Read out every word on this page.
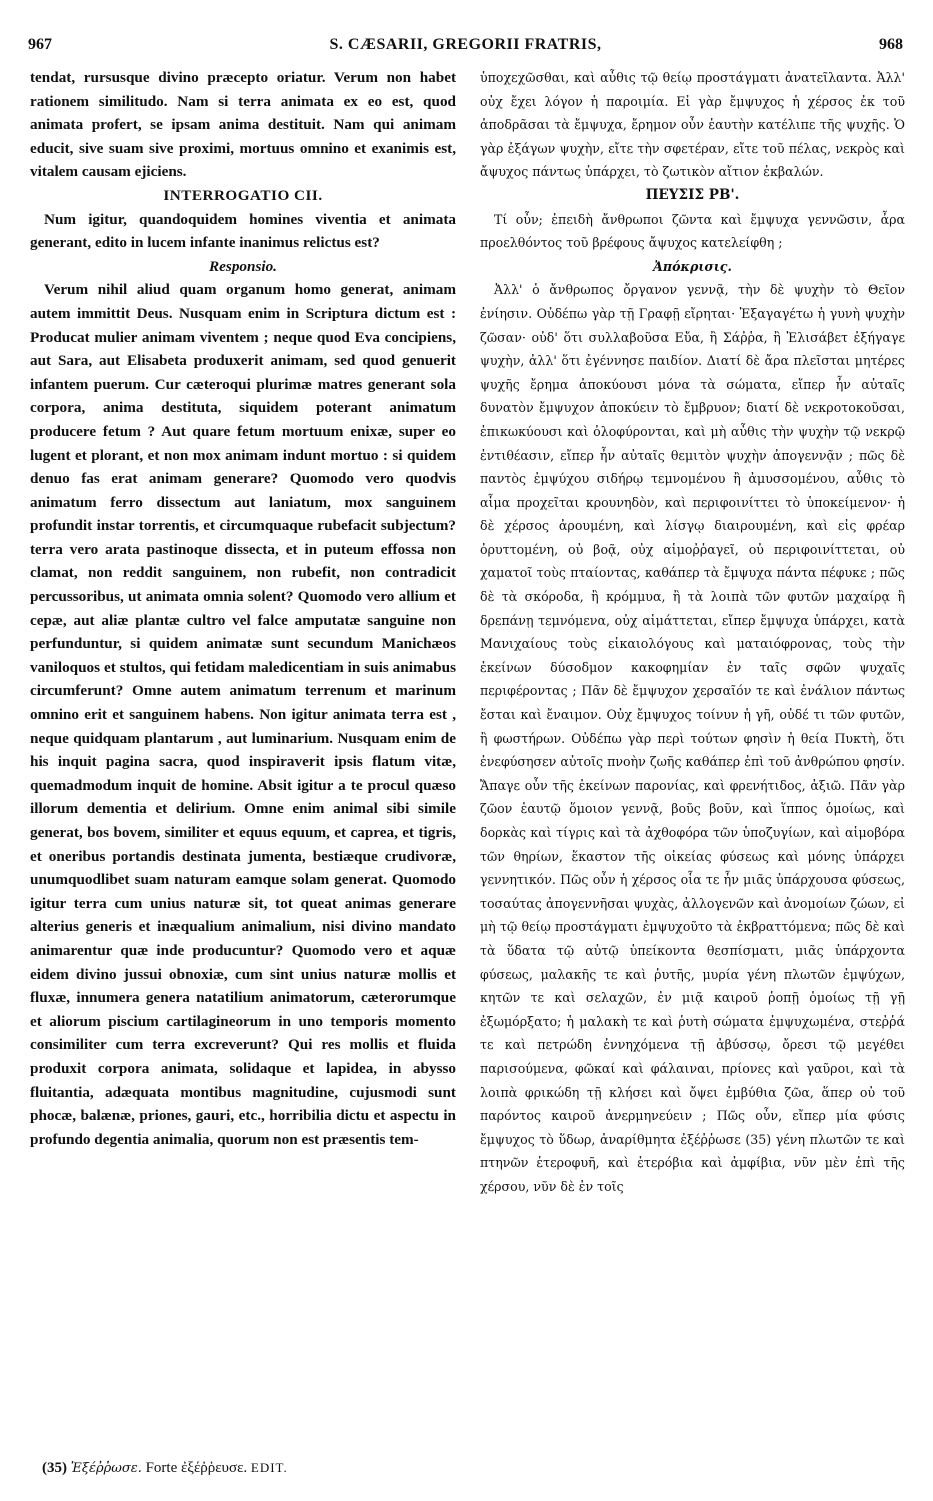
967	S. CÆSARII, GREGORII FRATRIS,	968

tendat, rursusque divino præcepto oriatur. Verum non habet rationem similitudo. Nam si terra animata ex eo est, quod animata profert, se ipsam anima destituit. Nam qui animam educit, sive suam sive proximi, mortuus omnino et exanimis est, vitalem causam ejiciens.

INTERROGATIO CII.

Num igitur, quandoquidem homines viventia et animata generant, edito in lucem infante inanimus relictus est?

Responsio.

Verum nihil aliud quam organum homo generat, animam autem immittit Deus. Nusquam enim in Scriptura dictum est : Producat mulier animam viventem ; neque quod Eva concipiens, aut Sara, aut Elisabeta produxerit animam, sed quod genuerit infantem puerum. Cur cæteroqui plurimæ matres generant sola corpora, anima destituta, siquidem poterant animatum producere fetum ? Aut quare fetum mortuum enixæ, super eo lugent et plorant, et non mox animam indunt mortuo : si quidem denuo fas erat animam generare? Quomodo vero quodvis animatum ferro dissectum aut laniatum, mox sanguinem profundit instar torrentis, et circumquaque rubefacit subjectum? terra vero arata pastinoque dissecta, et in puteum effossa non clamat, non reddit sanguinem, non rubefit, non contradicit percussoribus, ut animata omnia solent? Quomodo vero allium et cepæ, aut aliæ plantæ cultro vel falce amputatæ sanguine non perfunduntur, si quidem animatæ sunt secundum Manichæos vaniloquos et stultos, qui fetidam maledicentiam in suis animabus circumferunt? Omne autem animatum terrenum et marinum omnino erit et sanguinem habens. Non igitur animata terra est , neque quidquam plantarum , aut luminarium. Nusquam enim de his inquit pagina sacra, quod inspiraverit ipsis flatum vitæ, quemadmodum inquit de homine. Absit igitur a te procul quæso illorum dementia et delirium. Omne enim animal sibi simile generat, bos bovem, similiter et equus equum, et caprea, et tigris, et oneribus portandis destinata jumenta, bestiæque crudivoræ, unumquodlibet suam naturam eamque solam generat. Quomodo igitur terra cum unius naturæ sit, tot queat animas generare alterius generis et inæqualium animalium, nisi divino mandato animarentur quæ inde producuntur? Quomodo vero et aquæ eidem divino jussui obnoxiæ, cum sint unius naturæ mollis et fluxæ, innumera genera natatilium animatorum, cæterorumque et aliorum piscium cartilagineorum in uno temporis momento consimiliter cum terra excreverunt? Qui res mollis et fluida produxit corpora animata, solidaque et lapidea, in abysso fluitantia, adæquata montibus magnitudine, cujusmodi sunt phocæ, balænæ, priones, gauri, etc., horribilia dictu et aspectu in profundo degentia animalia, quorum non est præsentis tem-

ὑποχεχῶσθαι, καὶ αὖθις τῷ θείῳ προστάγματι ἀνατεῖλαντα. Ἀλλ' οὐχ ἔχει λόγον ἡ παροιμία. Εἰ γὰρ ἔμψυχος ἡ χέρσος ἐκ τοῦ ἀποδρᾶσαι τὰ ἔμψυχα, ἔρημον οὖν ἑαυτὴν κατέλιπε τῆς ψυχῆς. Ὁ γὰρ ἐξάγων ψυχὴν, εἴτε τὴν σφετέραν, εἴτε τοῦ πέλας, νεκρὸς καὶ ἄψυχος πάντως ὑπάρχει, τὸ ζωτικὸν αἴτιον ἐκβαλών.

ΠΕΥΣΙΣ ΡΒ'.

Τί οὖν; ἐπειδὴ ἄνθρωποι ζῶντα καὶ ἔμψυχα γεννῶσιν, ἆρα προελθόντος τοῦ βρέφους ἄψυχος κατελείφθη ;

Ἀπόκρισις.

Ἀλλ' ὁ ἄνθρωπος ὄργανον γεννᾷ, τὴν δὲ ψυχὴν τὸ Θεῖον ἐνίησιν. Οὐδέπω γὰρ τῇ Γραφῇ εἴρηται· Ἐξαγαγέτω ἡ γυνὴ ψυχὴν ζῶσαν· οὐδ' ὅτι συλλαβοῦσα Εὔα, ἢ Σάῤῥα, ἢ Ἐλισάβετ ἐξήγαγε ψυχὴν, ἀλλ' ὅτι ἐγέννησε παιδίον. Διατί δὲ ἄρα πλεῖσται μητέρες ψυχῆς ἔρημα ἀποκύουσι μόνα τὰ σώματα, εἴπερ ἦν αὐταῖς δυνατὸν ἔμψυχον ἀποκύειν τὸ ἔμβρυον; διατί δὲ νεκροτοκοῦσαι, ἐπικωκύουσι καὶ ὀλοφύρονται, καὶ μὴ αὖθις τὴν ψυχὴν τῷ νεκρῷ ἐντιθέασιν, εἴπερ ἦν αὐταῖς θεμιτὸν ψυχὴν ἀπογεννᾷν ; πῶς δὲ παντὸς ἐμψύχου σιδήρῳ τεμνομένου ἢ ἀμυσσομένου, αὖθις τὸ αἷμα προχεῖται κρουνηδὸν, καὶ περιφοινίττει τὸ ὑποκείμενον· ἡ δὲ χέρσος ἀρουμένη, καὶ λίσγῳ διαιρουμένη, καὶ εἰς φρέαρ ὀρυττομένη, οὐ βοᾷ, οὐχ αἱμοῤῥαγεῖ, οὐ περιφοινίττεται, οὐ χαματοῖ τοὺς πταίοντας, καθάπερ τὰ ἔμψυχα πάντα πέφυκε ; πῶς δὲ τὰ σκόροδα, ἢ κρόμμυα, ἢ τὰ λοιπὰ τῶν φυτῶν μαχαίρᾳ ἢ δρεπάνῃ τεμνόμενα, οὐχ αἱμάττεται, εἴπερ ἔμψυχα ὑπάρχει, κατὰ Μανιχαίους τοὺς εἰκαιολόγους καὶ ματαιόφρονας, τοὺς τὴν ἐκείνων δύσοδμον κακοφημίαν ἐν ταῖς σφῶν ψυχαῖς περιφέροντας ; Πᾶν δὲ ἔμψυχον χερσαῖόν τε καὶ ἐνάλιον πάντως ἔσται καὶ ἔναιμον. Οὐχ ἔμψυχος τοίνυν ἡ γῆ, οὐδέ τι τῶν φυτῶν, ἢ φωστήρων. Οὐδέπω γὰρ περὶ τούτων φησὶν ἡ θεία Πυκτὴ, ὅτι ἐνεφύσησεν αὐτοῖς πνοὴν ζωῆς καθάπερ ἐπὶ τοῦ ἀνθρώπου φησίν. Ἄπαγε οὖν τῆς ἐκείνων παρονίας, καὶ φρενήτιδος, ἀξιῶ. Πᾶν γὰρ ζῶον ἑαυτῷ ὅμοιον γεννᾷ, βοῦς βοῦν, καὶ ἵππος ὁμοίως, καὶ δορκὰς καὶ τίγρις καὶ τὰ ἀχθοφόρα τῶν ὑποζυγίων, καὶ αἱμοβόρα τῶν θηρίων, ἕκαστον τῆς οἰκείας φύσεως καὶ μόνης ὑπάρχει γεννητικόν. Πῶς οὖν ἡ χέρσος οἷα τε ἦν μιᾶς ὑπάρχουσα φύσεως, τοσαύτας ἀπογεννῆσαι ψυχὰς, ἀλλογενῶν καὶ ἀνομοίων ζώων, εἰ μὴ τῷ θείῳ προστάγματι ἐμψυχοῦτο τὰ ἐκβραττόμενα; πῶς δὲ καὶ τὰ ὕδατα τῷ αὐτῷ ὑπείκοντα θεσπίσματι, μιᾶς ὑπάρχοντα φύσεως, μαλακῆς τε καὶ ῥυτῆς, μυρία γένη πλωτῶν ἐμψύχων, κητῶν τε καὶ σελαχῶν, ἐν μιᾷ καιροῦ ῥοπῇ ὁμοίως τῇ γῇ ἐξωμόρξατο; ἡ μαλακὴ τε καὶ ῥυτὴ σώματα ἐμψυχωμένα, στεῤῥά τε καὶ πετρώδη ἐννηχόμενα τῇ ἀβύσσῳ, ὄρεσι τῷ μεγέθει παρισούμενα, φῶκαί καὶ φάλαιναι, πρίονες καὶ γαῦροι, καὶ τὰ λοιπὰ φρικώδη τῇ κλήσει καὶ ὄψει ἐμβύθια ζῶα, ἅπερ οὐ τοῦ παρόντος καιροῦ ἀνερμηνεύειν ; Πῶς οὖν, εἴπερ μία φύσις ἔμψυχος τὸ ὕδωρ, ἀναρίθμητα ἐξέῤῥωσε (35) γένη πλωτῶν τε καὶ πτηνῶν ἑτεροφυῆ, καὶ ἑτερόβια καὶ ἀμφίβια, νῦν μὲν ἐπὶ τῆς χέρσου, νῦν δὲ ἐν τοῖς

(35) Ἐξέῤῥωσε. Forte ἐξέῤῥευσε. EDIT.
